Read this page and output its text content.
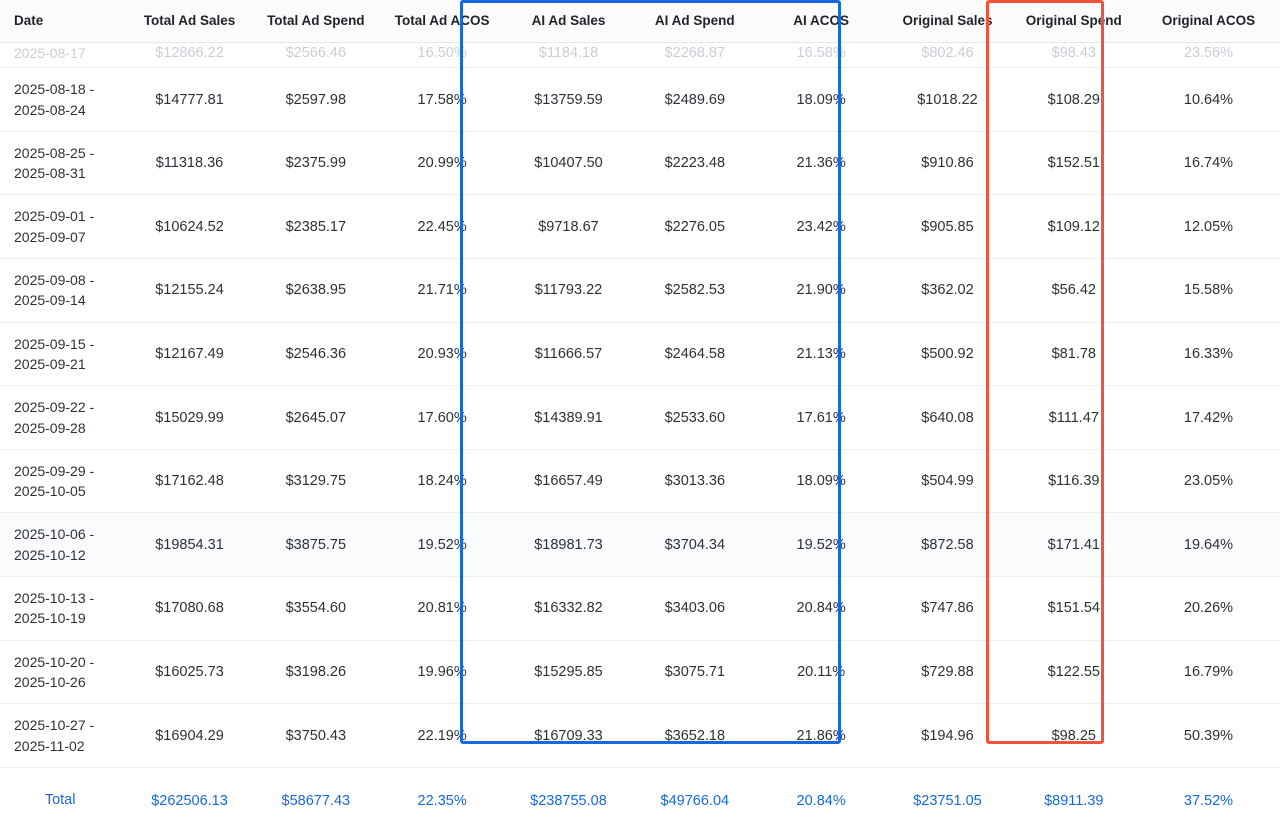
Date	Total Ad Sales	Total Ad Spend	Total Ad ACOS	AI Ad Sales	AI Ad Spend	AI ACOS	Original Sales	Original Spend	Original ACOS
2025-08-17	$12866.22	$2566.46	16.50%	$1184.18	$2268.87	16.58%	$802.46	$98.43	23.56%
2025-08-18 - 2025-08-24	$14777.81	$2597.98	17.58%	$13759.59	$2489.69	18.09%	$1018.22	$108.29	10.64%
2025-08-25 - 2025-08-31	$11318.36	$2375.99	20.99%	$10407.50	$2223.48	21.36%	$910.86	$152.51	16.74%
2025-09-01 - 2025-09-07	$10624.52	$2385.17	22.45%	$9718.67	$2276.05	23.42%	$905.85	$109.12	12.05%
2025-09-08 - 2025-09-14	$12155.24	$2638.95	21.71%	$11793.22	$2582.53	21.90%	$362.02	$56.42	15.58%
2025-09-15 - 2025-09-21	$12167.49	$2546.36	20.93%	$11666.57	$2464.58	21.13%	$500.92	$81.78	16.33%
2025-09-22 - 2025-09-28	$15029.99	$2645.07	17.60%	$14389.91	$2533.60	17.61%	$640.08	$111.47	17.42%
2025-09-29 - 2025-10-05	$17162.48	$3129.75	18.24%	$16657.49	$3013.36	18.09%	$504.99	$116.39	23.05%
2025-10-06 - 2025-10-12	$19854.31	$3875.75	19.52%	$18981.73	$3704.34	19.52%	$872.58	$171.41	19.64%
2025-10-13 - 2025-10-19	$17080.68	$3554.60	20.81%	$16332.82	$3403.06	20.84%	$747.86	$151.54	20.26%
2025-10-20 - 2025-10-26	$16025.73	$3198.26	19.96%	$15295.85	$3075.71	20.11%	$729.88	$122.55	16.79%
2025-10-27 - 2025-11-02	$16904.29	$3750.43	22.19%	$16709.33	$3652.18	21.86%	$194.96	$98.25	50.39%
Total	$262506.13	$58677.43	22.35%	$238755.08	$49766.04	20.84%	$23751.05	$8911.39	37.52%
